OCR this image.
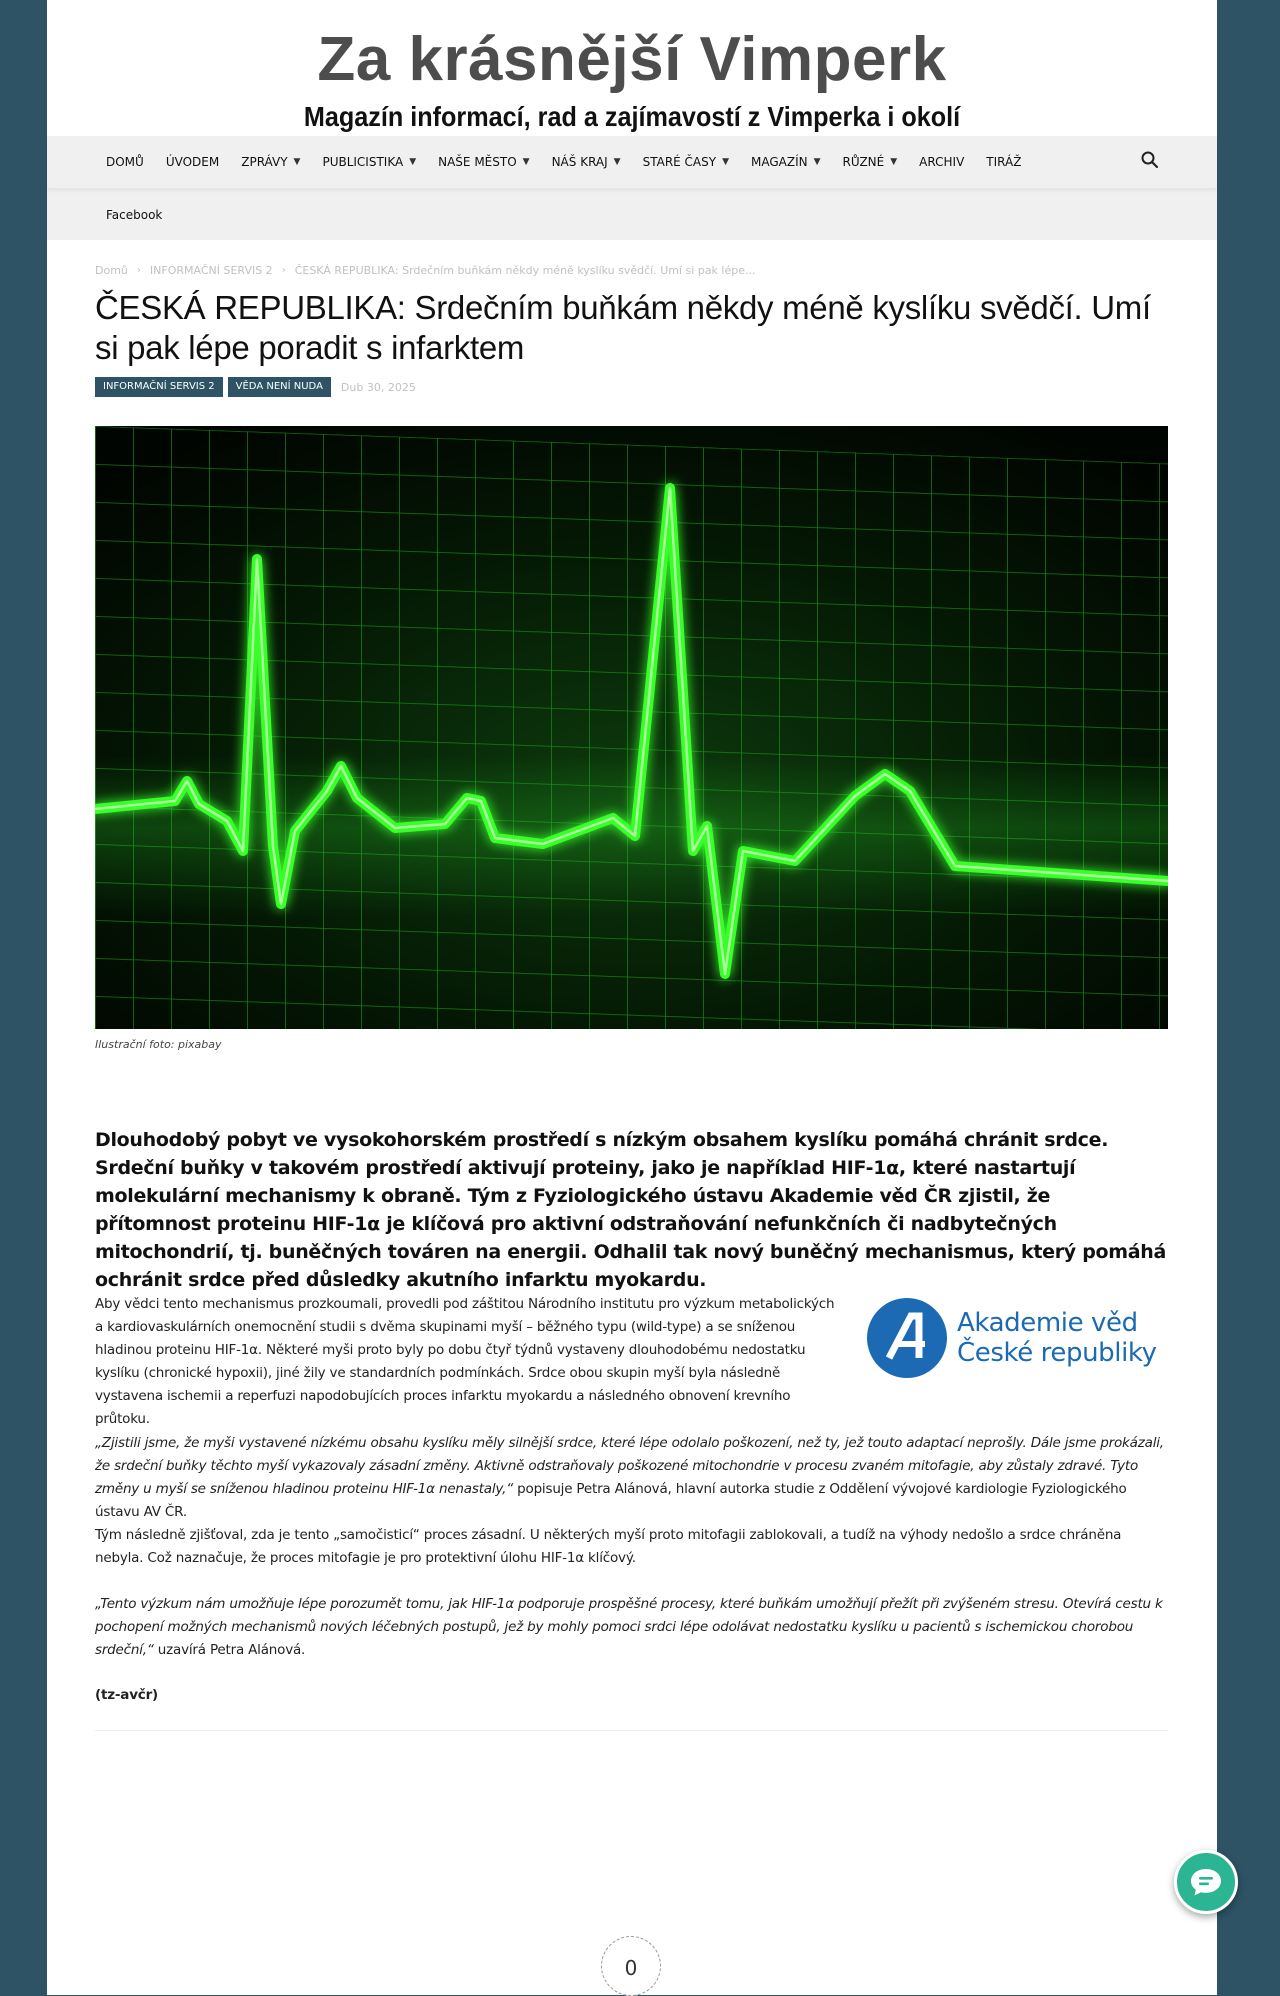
Za krásnější Vimperk
Magazín informací, rad a zajímavostí z Vimperka i okolí
DOMŮ ÚVODEM ZPRÁVY ▼ PUBLICISTIKA ▼ NAŠE MĚSTO ▼ NÁŠ KRAJ ▼ STARÉ ČASY ▼ MAGAZÍN ▼ RŮZNÉ ▼ ARCHIV TIRÁŽ
Facebook
Domů › INFORMAČNÍ SERVIS 2 › ČESKÁ REPUBLIKA: Srdečním buňkám někdy méně kyslíku svědčí. Umí si pak lépe...
ČESKÁ REPUBLIKA: Srdečním buňkám někdy méně kyslíku svědčí. Umí si pak lépe poradit s infarktem
INFORMAČNÍ SERVIS 2	VĚDA NENÍ NUDA	Dub 30, 2025
Ilustrační foto: pixabay

Dlouhodobý pobyt ve vysokohorském prostředí s nízkým obsahem kyslíku pomáhá chránit srdce. Srdeční buňky v takovém prostředí aktivují proteiny, jako je například HIF-1α, které nastartují molekulární mechanismy k obraně. Tým z Fyziologického ústavu Akademie věd ČR zjistil, že přítomnost proteinu HIF-1α je klíčová pro aktivní odstraňování nefunkčních či nadbytečných mitochondrií, tj. buněčných továren na energii. Odhalil tak nový buněčný mechanismus, který pomáhá ochránit srdce před důsledky akutního infarktu myokardu.

Aby vědci tento mechanismus prozkoumali, provedli pod záštitou Národního institutu pro výzkum metabolických a kardiovaskulárních onemocnění studii s dvěma skupinami myší – běžného typu (wild-type) a se sníženou hladinou proteinu HIF-1α. Některé myši proto byly po dobu čtyř týdnů vystaveny dlouhodobému nedostatku kyslíku (chronické hypoxii), jiné žily ve standardních podmínkách. Srdce obou skupin myší byla následně vystavena ischemii a reperfuzi napodobujících proces infarktu myokardu a následného obnovení krevního průtoku.

Akademie věd
České republiky

„Zjistili jsme, že myši vystavené nízkému obsahu kyslíku měly silnější srdce, které lépe odolalo poškození, než ty, jež touto adaptací neprošly. Dále jsme prokázali, že srdeční buňky těchto myší vykazovaly zásadní změny. Aktivně odstraňovaly poškozené mitochondrie v procesu zvaném mitofagie, aby zůstaly zdravé. Tyto změny u myší se sníženou hladinou proteinu HIF-1α nenastaly,“ popisuje Petra Alánová, hlavní autorka studie z Oddělení vývojové kardiologie Fyziologického ústavu AV ČR.

Tým následně zjišťoval, zda je tento „samočisticí“ proces zásadní. U některých myší proto mitofagii zablokovali, a tudíž na výhody nedošlo a srdce chráněna nebyla. Což naznačuje, že proces mitofagie je pro protektivní úlohu HIF-1α klíčový.

„Tento výzkum nám umožňuje lépe porozumět tomu, jak HIF-1α podporuje prospěšné procesy, které buňkám umožňují přežít při zvýšeném stresu. Otevírá cestu k pochopení možných mechanismů nových léčebných postupů, jež by mohly pomoci srdci lépe odolávat nedostatku kyslíku u pacientů s ischemickou chorobou srdeční,“ uzavírá Petra Alánová.

(tz-avčr)

0
